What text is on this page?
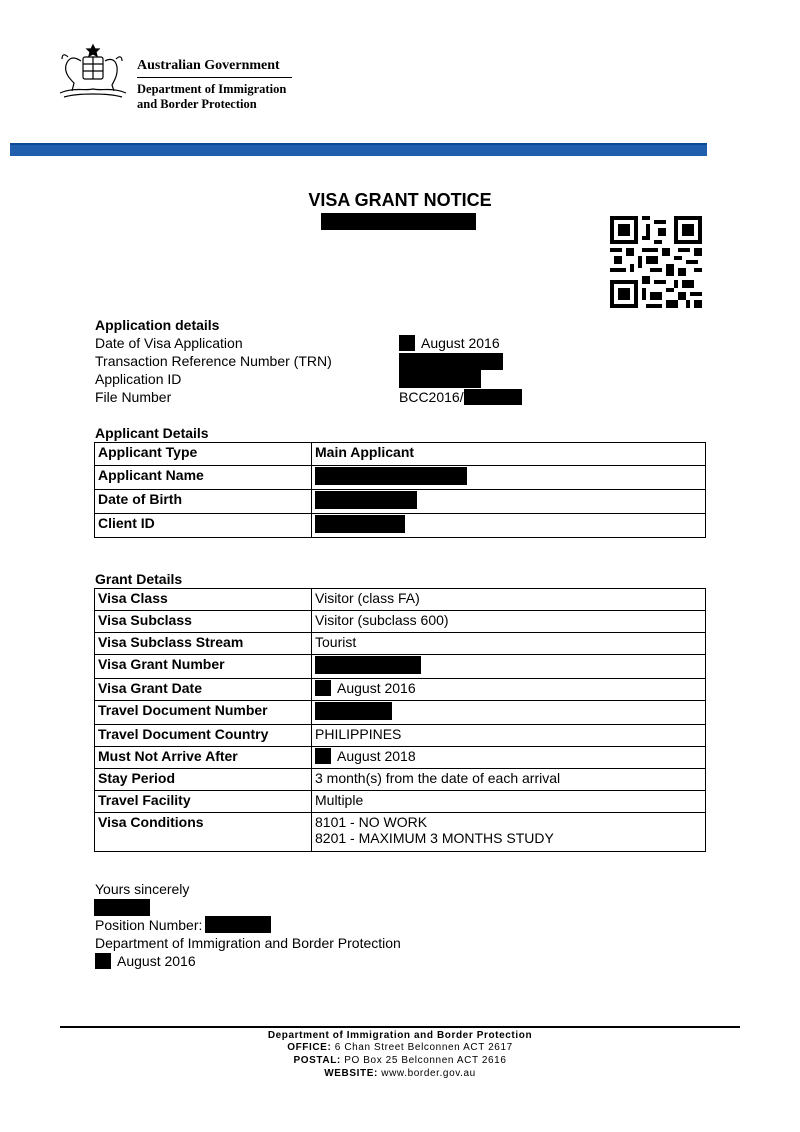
Australian Government
Department of Immigration
and Border Protection
VISA GRANT NOTICE
Application details
Date of Visa Application	August 2016
Transaction Reference Number (TRN)
Application ID
File Number	BCC2016/
Applicant Details
Applicant Type	Main Applicant
Applicant Name	
Date of Birth	
Client ID	
Grant Details
Visa Class	Visitor (class FA)
Visa Subclass	Visitor (subclass 600)
Visa Subclass Stream	Tourist
Visa Grant Number	
Visa Grant Date	August 2016
Travel Document Number	
Travel Document Country	PHILIPPINES
Must Not Arrive After	August 2018
Stay Period	3 month(s) from the date of each arrival
Travel Facility	Multiple
Visa Conditions	8101 - NO WORK
8201 - MAXIMUM 3 MONTHS STUDY
Yours sincerely
Position Number:
Department of Immigration and Border Protection
August 2016
Department of Immigration and Border Protection
OFFICE: 6 Chan Street Belconnen ACT 2617
POSTAL: PO Box 25 Belconnen ACT 2616
WEBSITE: www.border.gov.au
